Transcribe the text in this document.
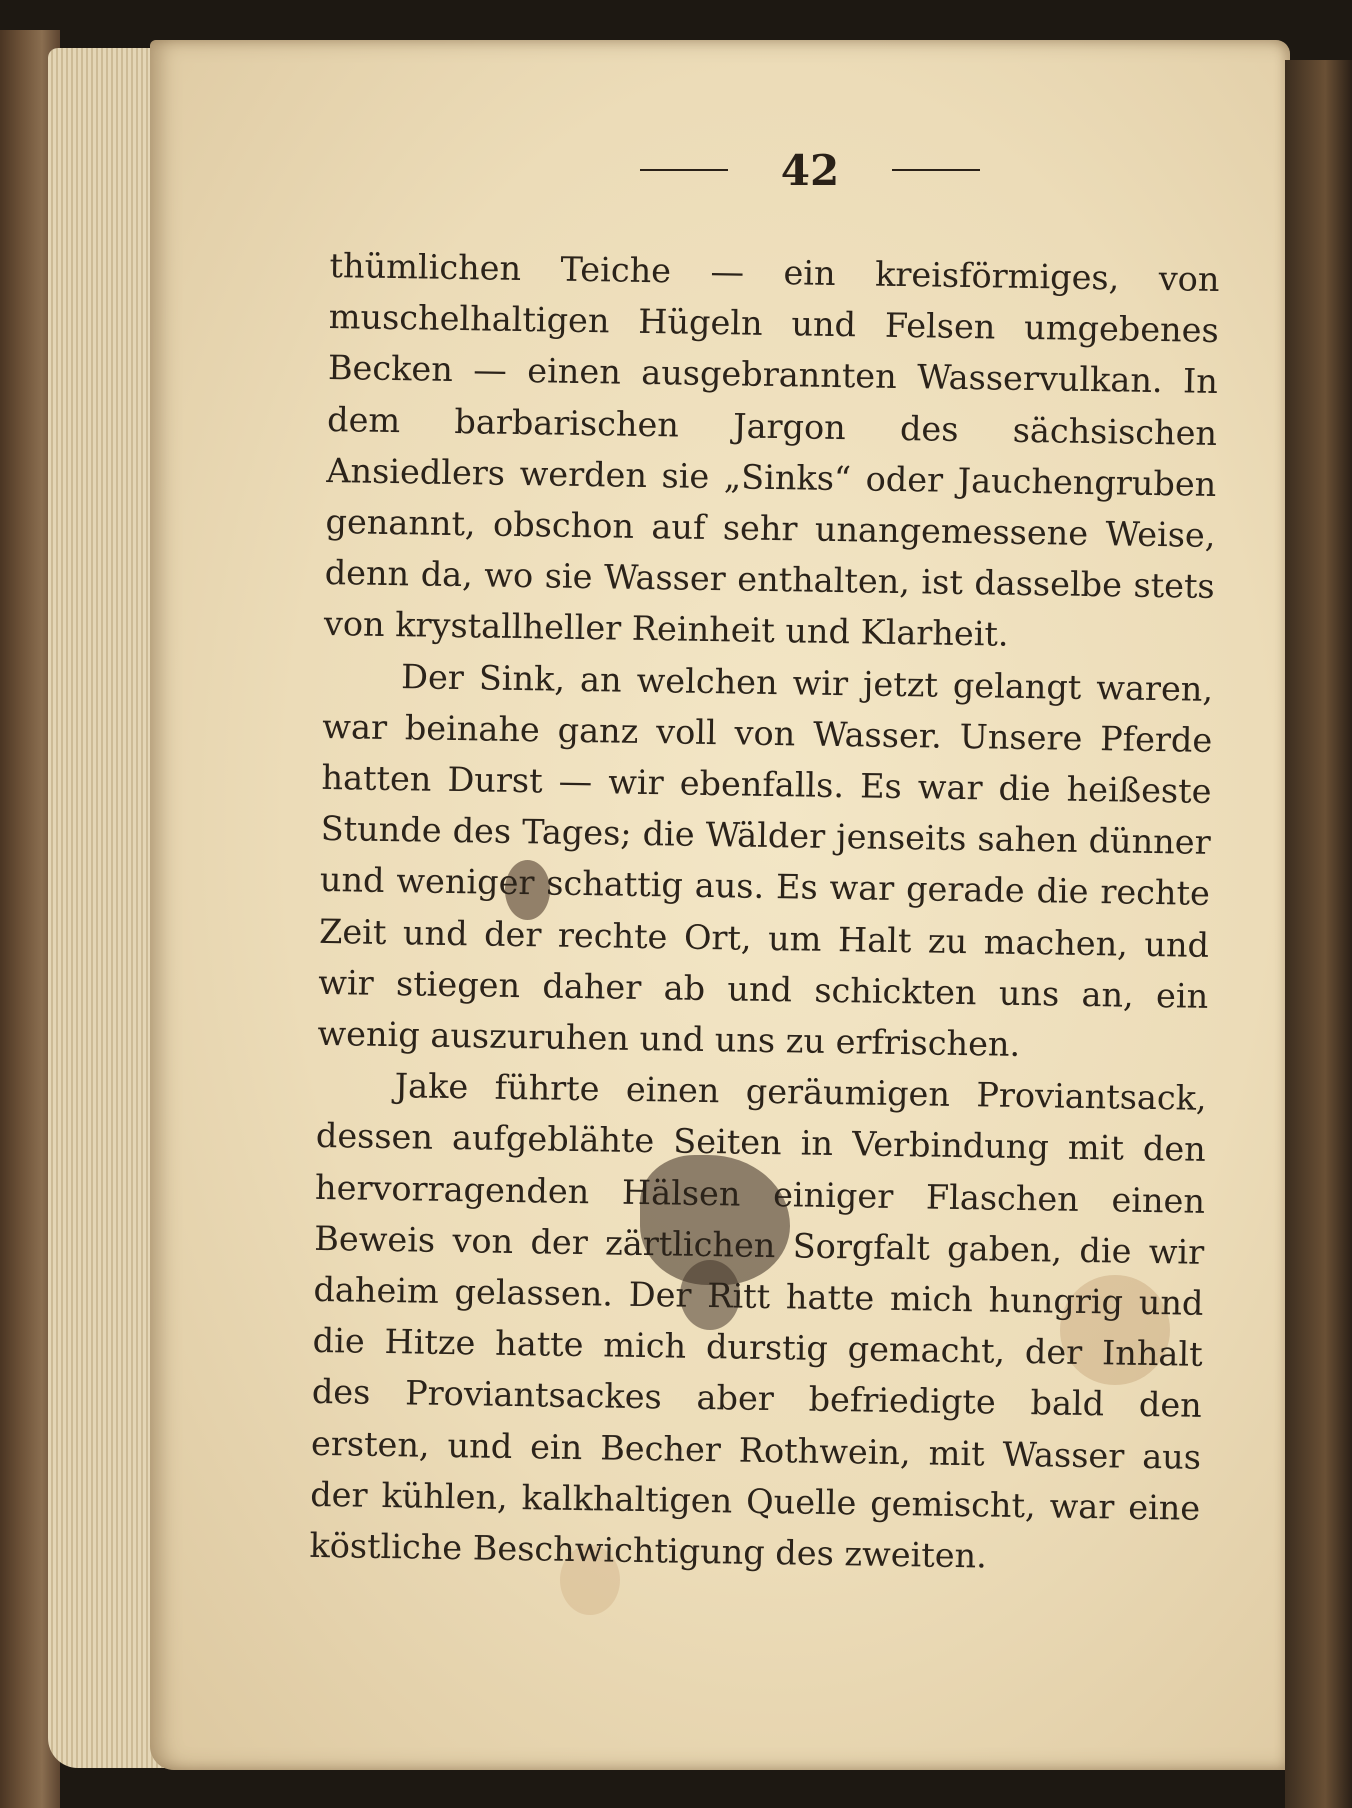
42

thümlichen Teiche — ein kreisförmiges, von muschelhaltigen Hügeln und Felsen umgebenes Becken — einen ausgebrannten Wasservulkan. In dem barbarischen Jargon des sächsischen Ansiedlers werden sie „Sinks“ oder Jauchengruben genannt, obschon auf sehr unangemessene Weise, denn da, wo sie Wasser enthalten, ist dasselbe stets von krystallheller Reinheit und Klarheit.

Der Sink, an welchen wir jetzt gelangt waren, war beinahe ganz voll von Wasser. Unsere Pferde hatten Durst — wir ebenfalls. Es war die heißeste Stunde des Tages; die Wälder jenseits sahen dünner und weniger schattig aus. Es war gerade die rechte Zeit und der rechte Ort, um Halt zu machen, und wir stiegen daher ab und schickten uns an, ein wenig auszuruhen und uns zu erfrischen.

Jake führte einen geräumigen Proviantsack, dessen aufgeblähte Seiten in Verbindung mit den hervorragenden Hälsen einiger Flaschen einen Beweis von der zärtlichen Sorgfalt gaben, die wir daheim gelassen. Der Ritt hatte mich hungrig und die Hitze hatte mich durstig gemacht, der Inhalt des Proviantsackes aber befriedigte bald den ersten, und ein Becher Rothwein, mit Wasser aus der kühlen, kalkhaltigen Quelle gemischt, war eine köstliche Beschwichtigung des zweiten.
